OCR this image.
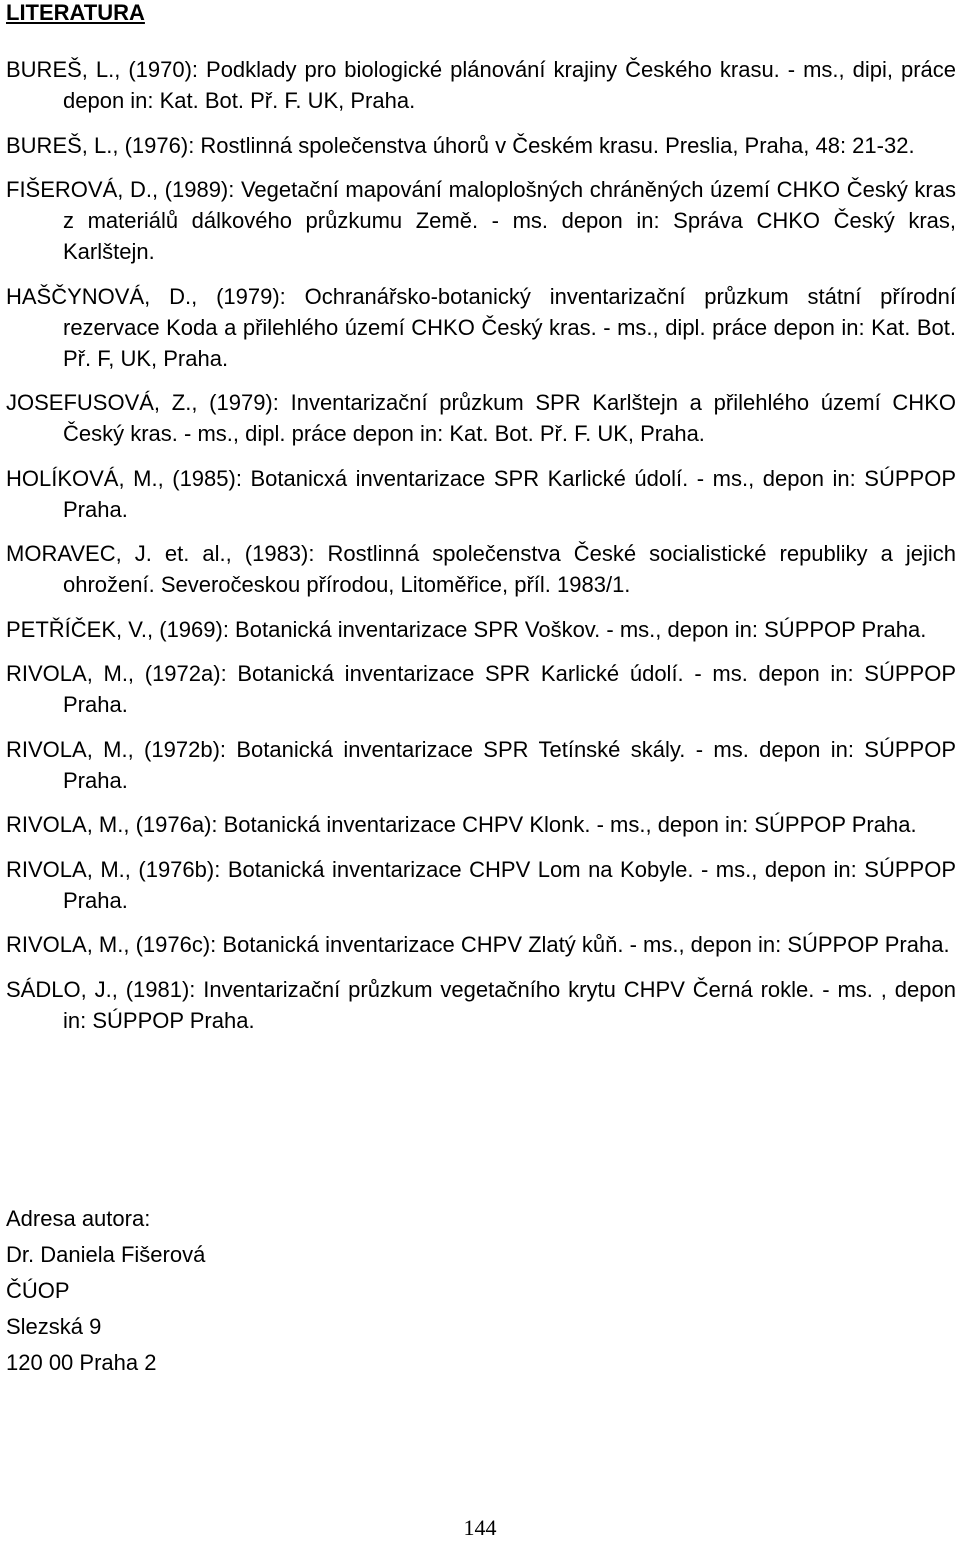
LITERATURA
BUREŠ, L., (1970): Podklady pro biologické plánování krajiny Českého krasu. - ms., dipi, práce depon in: Kat. Bot. Př. F. UK, Praha.
BUREŠ, L., (1976): Rostlinná společenstva úhorů v Českém krasu. Preslia, Praha, 48: 21-32.
FIŠEROVÁ, D., (1989): Vegetační mapování maloplošných chráněných území CHKO Český kras z materiálů dálkového průzkumu Země. - ms. depon in: Správa CHKO Český kras, Karlštejn.
HAŠČYNOVÁ, D., (1979): Ochranářsko-botanický inventarizační průzkum státní přírodní rezervace Koda a přilehlého území CHKO Český kras. - ms., dipl. práce depon in: Kat. Bot. Př. F, UK, Praha.
JOSEFUSOVÁ, Z., (1979): Inventarizační průzkum SPR Karlštejn a přilehlého území CHKO Český kras. - ms., dipl. práce depon in: Kat. Bot. Př. F. UK, Praha.
HOLÍKOVÁ, M., (1985): Botanicxá inventarizace SPR Karlické údolí. - ms., depon in: SÚPPOP Praha.
MORAVEC, J. et. al., (1983): Rostlinná společenstva České socialistické republiky a jejich ohrožení. Severočeskou přírodou, Litoměřice, příl. 1983/1.
PETŘÍČEK, V., (1969): Botanická inventarizace SPR Voškov. - ms., depon in: SÚPPOP Praha.
RIVOLA, M., (1972a): Botanická inventarizace SPR Karlické údolí. - ms. depon in: SÚPPOP Praha.
RIVOLA, M., (1972b): Botanická inventarizace SPR Tetínské skály. - ms. depon in: SÚPPOP Praha.
RIVOLA, M., (1976a): Botanická inventarizace CHPV Klonk. - ms., depon in: SÚPPOP Praha.
RIVOLA, M., (1976b): Botanická inventarizace CHPV Lom na Kobyle. - ms., depon in: SÚPPOP Praha.
RIVOLA, M., (1976c): Botanická inventarizace CHPV Zlatý kůň. - ms., depon in: SÚPPOP Praha.
SÁDLO, J., (1981): Inventarizační průzkum vegetačního krytu CHPV Černá rokle. - ms. , depon in: SÚPPOP Praha.
Adresa autora:
Dr. Daniela Fišerová
ČÚOP
Slezská 9
120 00 Praha 2
144
